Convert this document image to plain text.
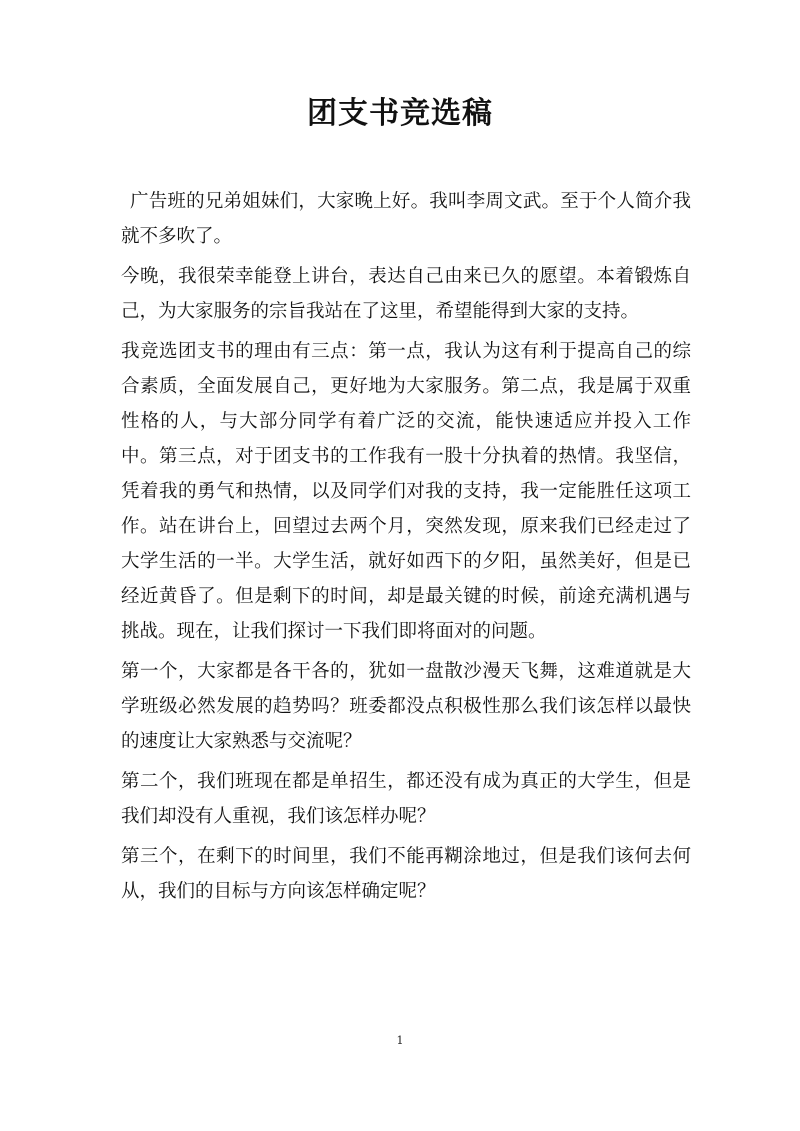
团支书竞选稿

广告班的兄弟姐妹们，大家晚上好。我叫李周文武。至于个人简介我就不多吹了。

今晚，我很荣幸能登上讲台，表达自己由来已久的愿望。本着锻炼自己，为大家服务的宗旨我站在了这里，希望能得到大家的支持。

我竞选团支书的理由有三点：第一点，我认为这有利于提高自己的综合素质，全面发展自己，更好地为大家服务。第二点，我是属于双重性格的人，与大部分同学有着广泛的交流，能快速适应并投入工作中。第三点，对于团支书的工作我有一股十分执着的热情。我坚信，凭着我的勇气和热情，以及同学们对我的支持，我一定能胜任这项工作。站在讲台上，回望过去两个月，突然发现，原来我们已经走过了大学生活的一半。大学生活，就好如西下的夕阳，虽然美好，但是已经近黄昏了。但是剩下的时间，却是最关键的时候，前途充满机遇与挑战。现在，让我们探讨一下我们即将面对的问题。

第一个，大家都是各干各的，犹如一盘散沙漫天飞舞，这难道就是大学班级必然发展的趋势吗？班委都没点积极性那么我们该怎样以最快的速度让大家熟悉与交流呢？

第二个，我们班现在都是单招生，都还没有成为真正的大学生，但是我们却没有人重视，我们该怎样办呢？

第三个，在剩下的时间里，我们不能再糊涂地过，但是我们该何去何从，我们的目标与方向该怎样确定呢？

1
